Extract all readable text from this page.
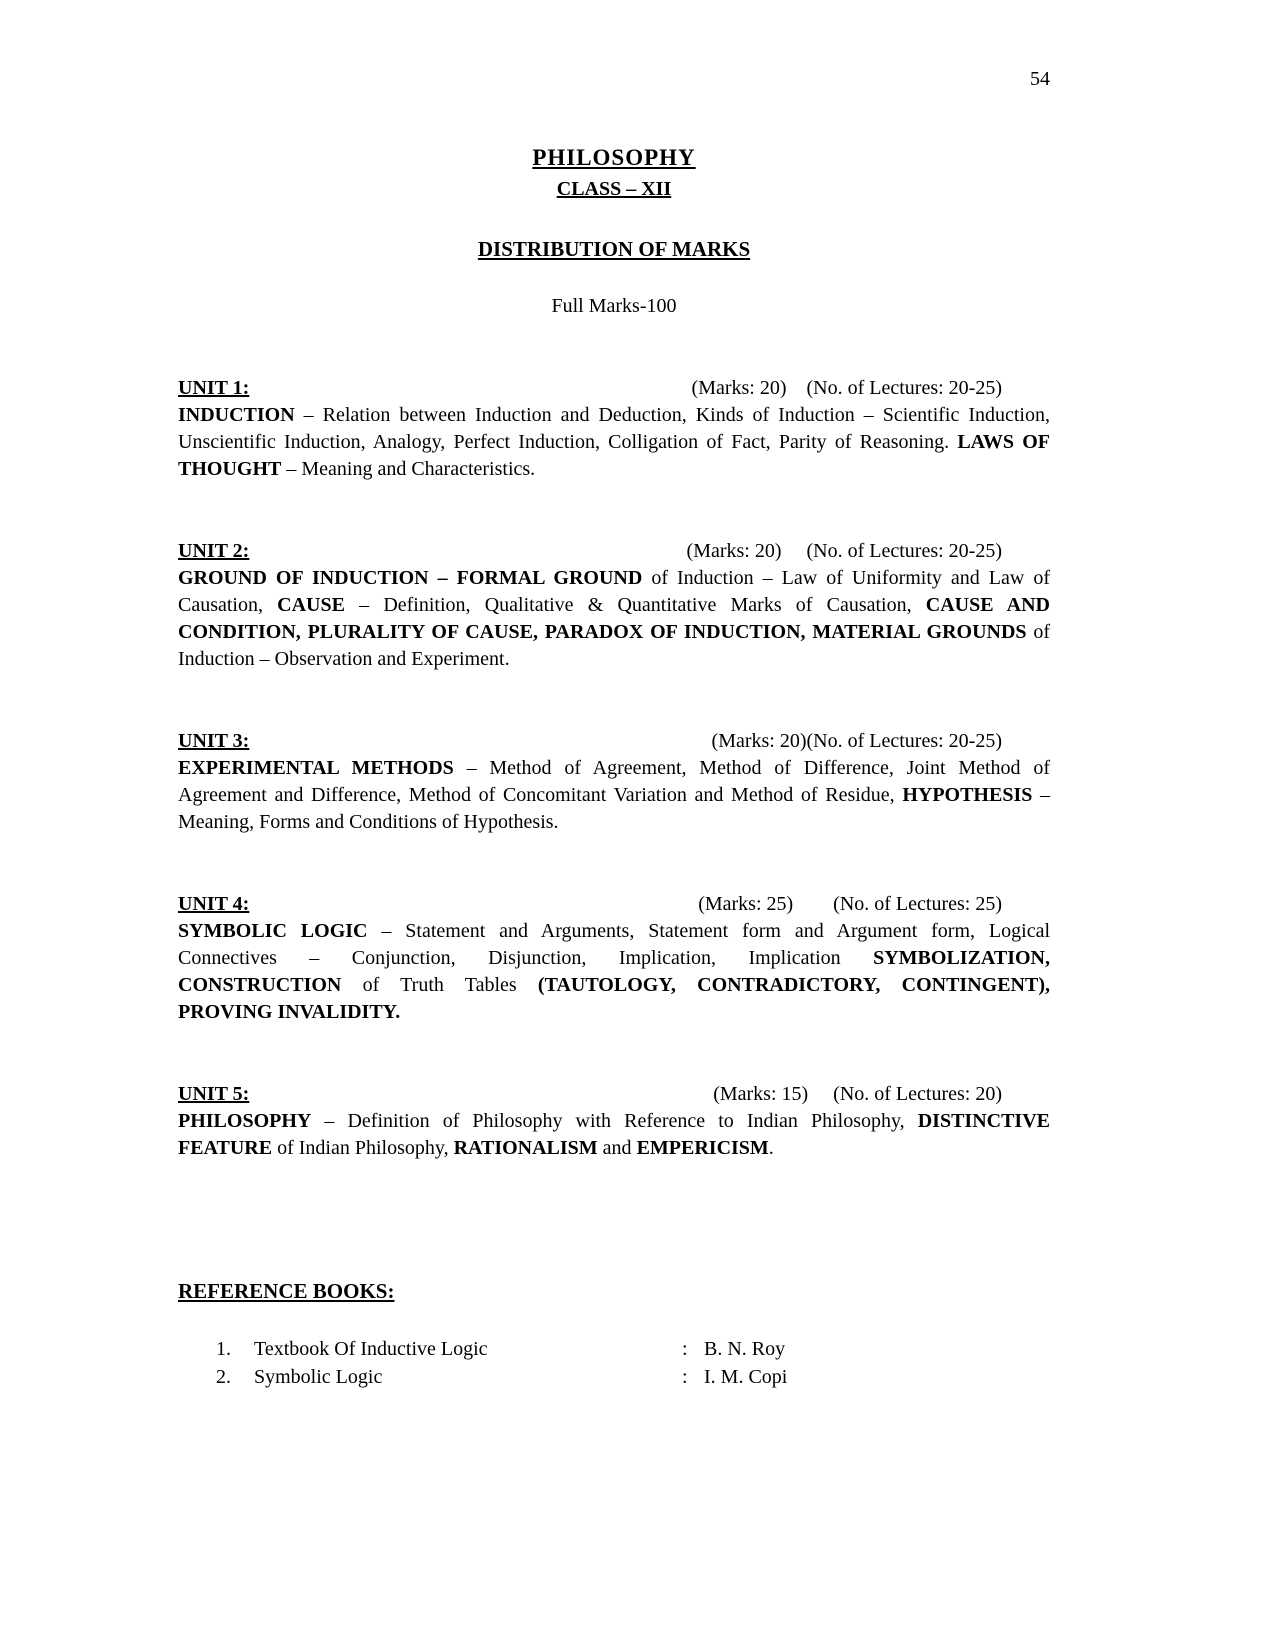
54
PHILOSOPHY
CLASS – XII
DISTRIBUTION OF MARKS
Full Marks-100
UNIT 1:	(Marks: 20)    (No. of Lectures: 20-25)

INDUCTION – Relation between Induction and Deduction, Kinds of Induction – Scientific Induction, Unscientific Induction, Analogy, Perfect Induction, Colligation of Fact, Parity of Reasoning. LAWS OF THOUGHT – Meaning and Characteristics.

UNIT 2:	(Marks: 20)     (No. of Lectures: 20-25)

GROUND OF INDUCTION – FORMAL GROUND of Induction – Law of Uniformity and Law of Causation, CAUSE – Definition, Qualitative & Quantitative Marks of Causation, CAUSE AND CONDITION, PLURALITY OF CAUSE, PARADOX OF INDUCTION, MATERIAL GROUNDS of Induction – Observation and Experiment.

UNIT 3:	(Marks: 20)(No. of Lectures: 20-25)

EXPERIMENTAL METHODS – Method of Agreement, Method of Difference, Joint Method of Agreement and Difference, Method of Concomitant Variation and Method of Residue, HYPOTHESIS – Meaning, Forms and Conditions of Hypothesis.

UNIT 4:	(Marks: 25)        (No. of Lectures: 25)

SYMBOLIC LOGIC – Statement and Arguments, Statement form and Argument form, Logical Connectives – Conjunction, Disjunction, Implication, Implication SYMBOLIZATION, CONSTRUCTION of Truth Tables (TAUTOLOGY, CONTRADICTORY, CONTINGENT), PROVING INVALIDITY.

UNIT 5:	(Marks: 15)     (No. of Lectures: 20)

PHILOSOPHY – Definition of Philosophy with Reference to Indian Philosophy, DISTINCTIVE FEATURE of Indian Philosophy, RATIONALISM and EMPERICISM.

REFERENCE BOOKS:
1.	Textbook Of Inductive Logic	: B. N. Roy
2.	Symbolic Logic	: I. M. Copi
